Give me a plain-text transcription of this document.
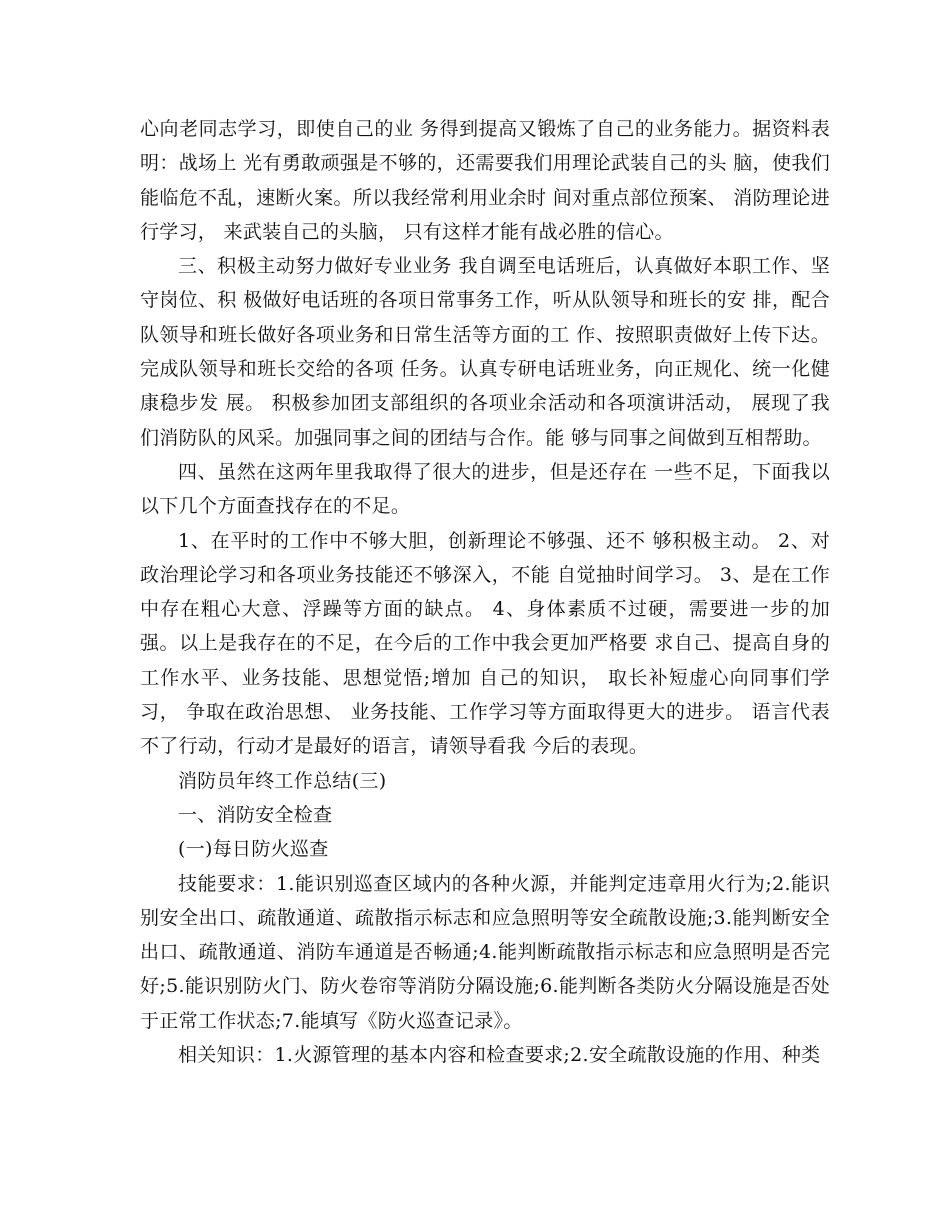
心向老同志学习，即使自己的业 务得到提高又锻炼了自己的业务能力。据资料表明：战场上 光有勇敢顽强是不够的，还需要我们用理论武装自己的头 脑，使我们能临危不乱，速断火案。所以我经常利用业余时 间对重点部位预案、 消防理论进行学习， 来武装自己的头脑， 只有这样才能有战必胜的信心。

三、积极主动努力做好专业业务 我自调至电话班后，认真做好本职工作、坚守岗位、积 极做好电话班的各项日常事务工作，听从队领导和班长的安 排，配合队领导和班长做好各项业务和日常生活等方面的工 作、按照职责做好上传下达。完成队领导和班长交给的各项 任务。认真专研电话班业务，向正规化、统一化健康稳步发 展。 积极参加团支部组织的各项业余活动和各项演讲活动， 展现了我们消防队的风采。加强同事之间的团结与合作。能 够与同事之间做到互相帮助。

四、虽然在这两年里我取得了很大的进步，但是还存在 一些不足，下面我以以下几个方面查找存在的不足。

1、在平时的工作中不够大胆，创新理论不够强、还不 够积极主动。 2、对政治理论学习和各项业务技能还不够深入，不能 自觉抽时间学习。 3、是在工作中存在粗心大意、浮躁等方面的缺点。 4、身体素质不过硬，需要进一步的加强。以上是我存在的不足，在今后的工作中我会更加严格要 求自己、提高自身的工作水平、业务技能、思想觉悟;增加 自己的知识， 取长补短虚心向同事们学习， 争取在政治思想、 业务技能、工作学习等方面取得更大的进步。 语言代表不了行动，行动才是最好的语言，请领导看我 今后的表现。

消防员年终工作总结(三)

一、消防安全检查

(一)每日防火巡查

技能要求：1.能识别巡查区域内的各种火源，并能判定违章用火行为;2.能识别安全出口、疏散通道、疏散指示标志和应急照明等安全疏散设施;3.能判断安全出口、疏散通道、消防车通道是否畅通;4.能判断疏散指示标志和应急照明是否完好;5.能识别防火门、防火卷帘等消防分隔设施;6.能判断各类防火分隔设施是否处于正常工作状态;7.能填写《防火巡查记录》。

相关知识：1.火源管理的基本内容和检查要求;2.安全疏散设施的作用、种类
